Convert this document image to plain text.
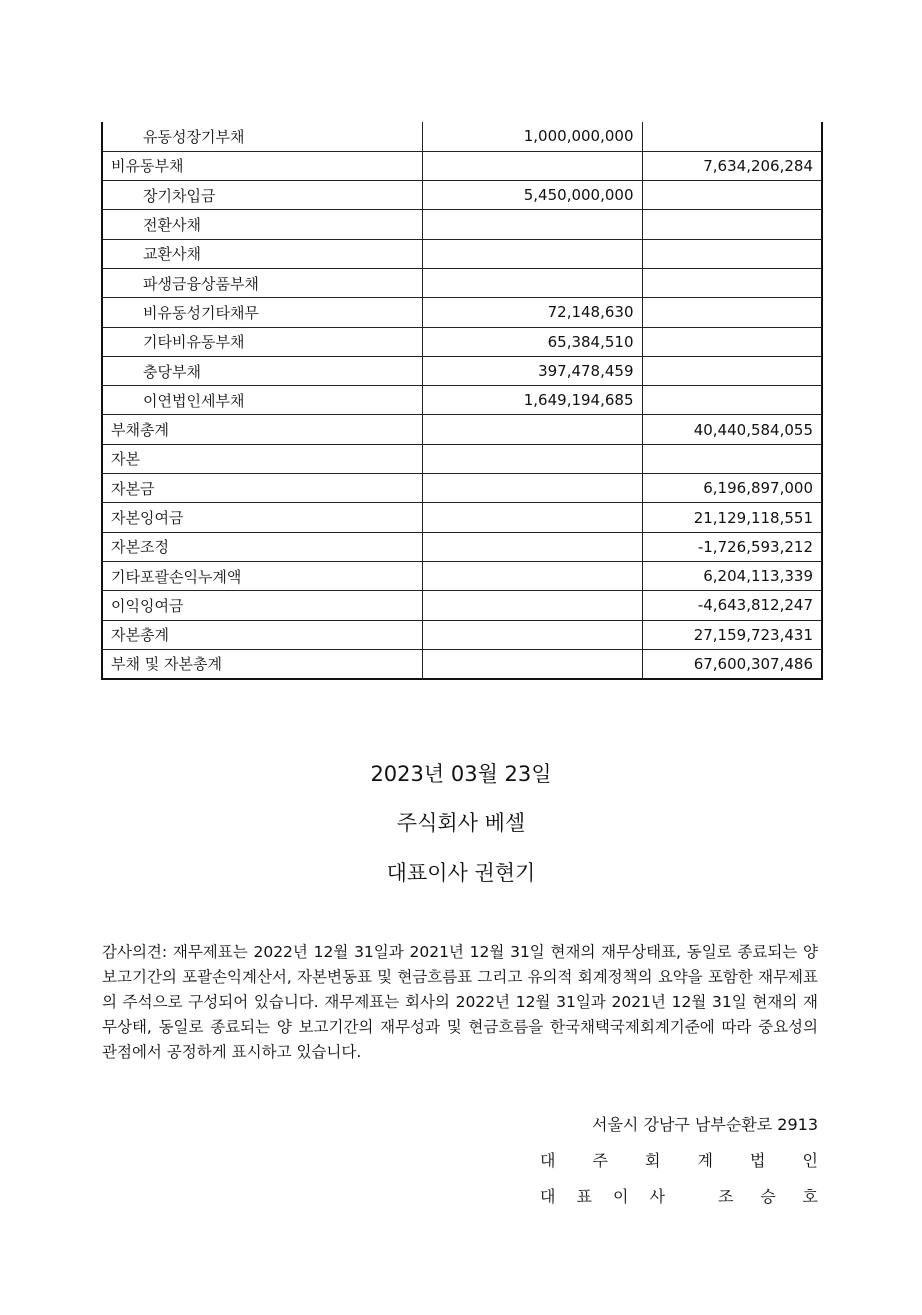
유동성장기부채	1,000,000,000	
비유동부채		7,634,206,284
장기차입금	5,450,000,000	
전환사채		
교환사채		
파생금융상품부채		
비유동성기타채무	72,148,630	
기타비유동부채	65,384,510	
충당부채	397,478,459	
이연법인세부채	1,649,194,685	
부채총계		40,440,584,055
자본		
자본금		6,196,897,000
자본잉여금		21,129,118,551
자본조정		-1,726,593,212
기타포괄손익누계액		6,204,113,339
이익잉여금		-4,643,812,247
자본총계		27,159,723,431
부채 및 자본총계		67,600,307,486
2023년 03월 23일
주식회사 베셀
대표이사 권현기
감사의견: 재무제표는 2022년 12월 31일과 2021년 12월 31일 현재의 재무상태표, 동일로 종료되는 양 보고기간의 포괄손익계산서, 자본변동표 및 현금흐름표 그리고 유의적 회계정책의 요약을 포함한 재무제표의 주석으로 구성되어 있습니다. 재무제표는 회사의 2022년 12월 31일과 2021년 12월 31일 현재의 재무상태, 동일로 종료되는 양 보고기간의 재무성과 및 현금흐름을 한국채택국제회계기준에 따라 중요성의 관점에서 공정하게 표시하고 있습니다.
서울시 강남구 남부순환로 2913
대 주 회 계 법 인
대 표 이 사	조 승 호
